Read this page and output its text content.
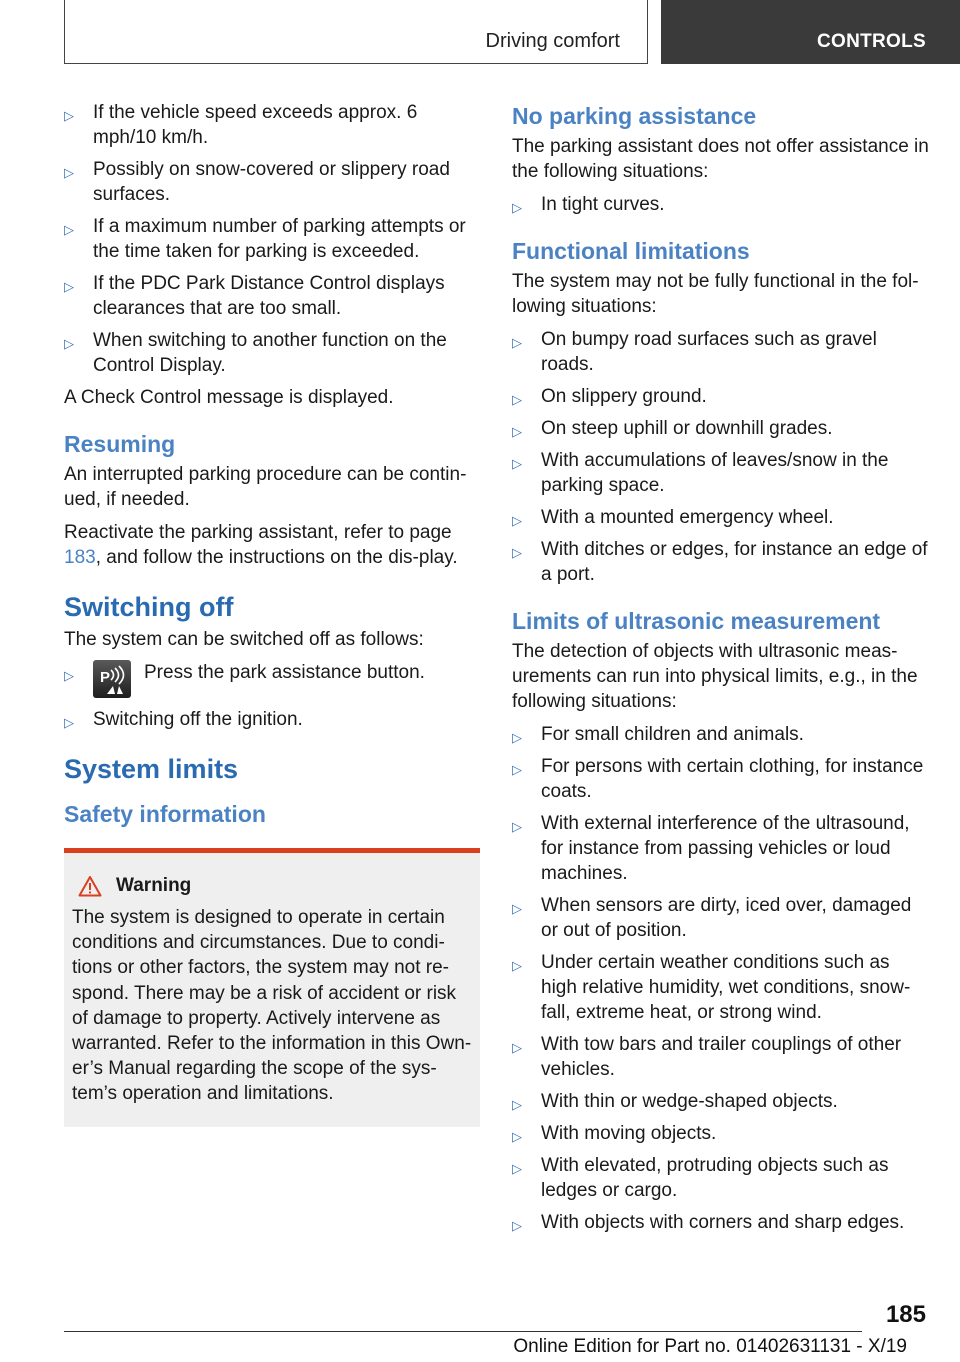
Driving comfort	CONTROLS
▷ If the vehicle speed exceeds approx. 6 mph/10 km/h.
▷ Possibly on snow-covered or slippery road surfaces.
▷ If a maximum number of parking attempts or the time taken for parking is exceeded.
▷ If the PDC Park Distance Control displays clearances that are too small.
▷ When switching to another function on the Control Display.

A Check Control message is displayed.

Resuming

An interrupted parking procedure can be contin‐ued, if needed.

Reactivate the parking assistant, refer to page 183, and follow the instructions on the dis‐play.

Switching off

The system can be switched off as follows:

▷ P Press the park assistance button.
▷ Switching off the ignition.
System limits
Safety information
Warning

The system is designed to operate in certain conditions and circumstances. Due to condi‐tions or other factors, the system may not re‐spond. There may be a risk of accident or risk of damage to property. Actively intervene as warranted. Refer to the information in this Own‐er’s Manual regarding the scope of the sys‐tem’s operation and limitations.

No parking assistance

The parking assistant does not offer assistance in the following situations:

▷ In tight curves.
Functional limitations

The system may not be fully functional in the fol‐lowing situations:

▷ On bumpy road surfaces such as gravel roads.
▷ On slippery ground.
▷ On steep uphill or downhill grades.
▷ With accumulations of leaves/snow in the parking space.
▷ With a mounted emergency wheel.
▷ With ditches or edges, for instance an edge of a port.
Limits of ultrasonic measurement

The detection of objects with ultrasonic meas‐urements can run into physical limits, e.g., in the following situations:

▷ For small children and animals.
▷ For persons with certain clothing, for instance coats.
▷ With external interference of the ultrasound, for instance from passing vehicles or loud machines.
▷ When sensors are dirty, iced over, damaged or out of position.
▷ Under certain weather conditions such as high relative humidity, wet conditions, snow‐fall, extreme heat, or strong wind.
▷ With tow bars and trailer couplings of other vehicles.
▷ With thin or wedge-shaped objects.
▷ With moving objects.
▷ With elevated, protruding objects such as ledges or cargo.
▷ With objects with corners and sharp edges.
185
Online Edition for Part no. 01402631131 - X/19
